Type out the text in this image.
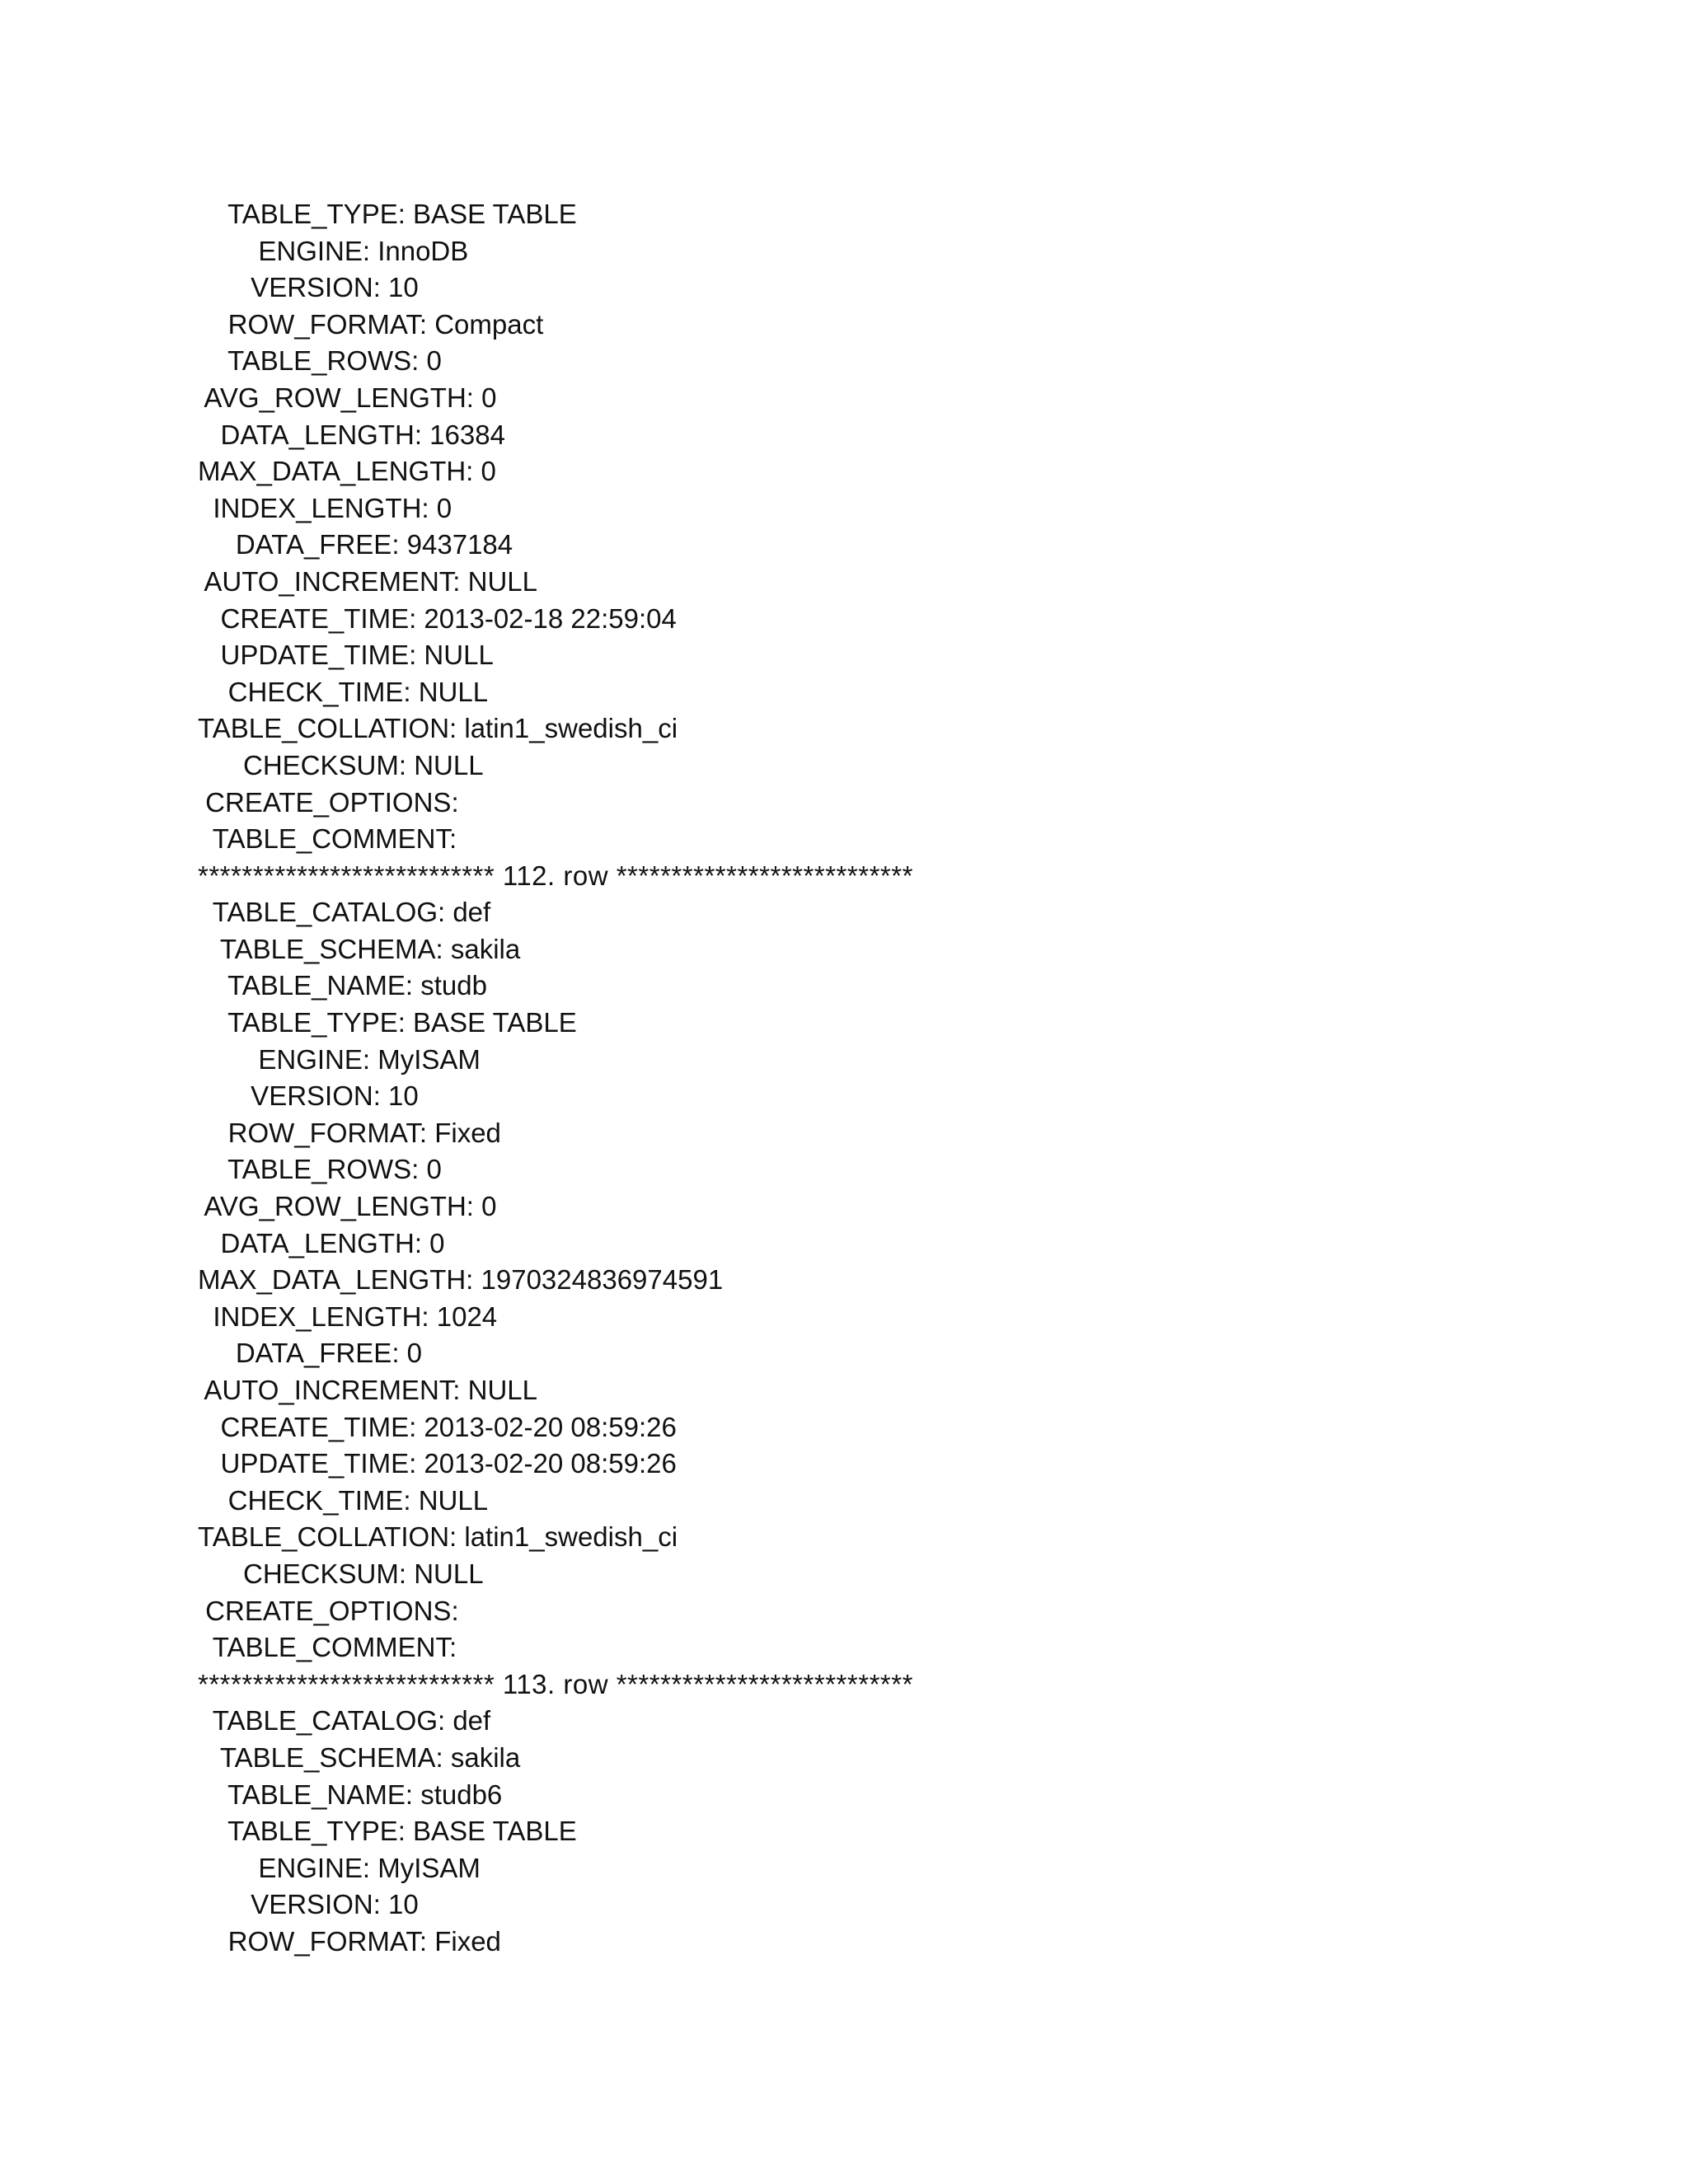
TABLE_TYPE: BASE TABLE
ENGINE: InnoDB
VERSION: 10
ROW_FORMAT: Compact
TABLE_ROWS: 0
AVG_ROW_LENGTH: 0
DATA_LENGTH: 16384
MAX_DATA_LENGTH: 0
INDEX_LENGTH: 0
DATA_FREE: 9437184
AUTO_INCREMENT: NULL
CREATE_TIME: 2013-02-18 22:59:04
UPDATE_TIME: NULL
CHECK_TIME: NULL
TABLE_COLLATION: latin1_swedish_ci
CHECKSUM: NULL
CREATE_OPTIONS:
TABLE_COMMENT:
*************************** 112. row ***************************
TABLE_CATALOG: def
TABLE_SCHEMA: sakila
TABLE_NAME: studb
TABLE_TYPE: BASE TABLE
ENGINE: MyISAM
VERSION: 10
ROW_FORMAT: Fixed
TABLE_ROWS: 0
AVG_ROW_LENGTH: 0
DATA_LENGTH: 0
MAX_DATA_LENGTH: 1970324836974591
INDEX_LENGTH: 1024
DATA_FREE: 0
AUTO_INCREMENT: NULL
CREATE_TIME: 2013-02-20 08:59:26
UPDATE_TIME: 2013-02-20 08:59:26
CHECK_TIME: NULL
TABLE_COLLATION: latin1_swedish_ci
CHECKSUM: NULL
CREATE_OPTIONS:
TABLE_COMMENT:
*************************** 113. row ***************************
TABLE_CATALOG: def
TABLE_SCHEMA: sakila
TABLE_NAME: studb6
TABLE_TYPE: BASE TABLE
ENGINE: MyISAM
VERSION: 10
ROW_FORMAT: Fixed
